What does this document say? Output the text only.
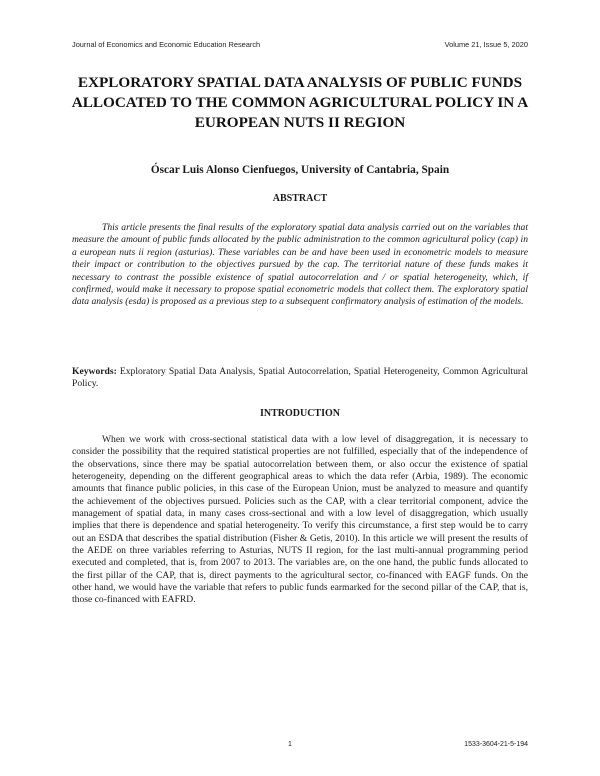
Journal of Economics and Economic Education Research	Volume 21, Issue 5, 2020
EXPLORATORY SPATIAL DATA ANALYSIS OF PUBLIC FUNDS ALLOCATED TO THE COMMON AGRICULTURAL POLICY IN A EUROPEAN NUTS II REGION

Óscar Luis Alonso Cienfuegos, University of Cantabria, Spain

ABSTRACT

This article presents the final results of the exploratory spatial data analysis carried out on the variables that measure the amount of public funds allocated by the public administration to the common agricultural policy (cap) in a european nuts ii region (asturias). These variables can be and have been used in econometric models to measure their impact or contribution to the objectives pursued by the cap. The territorial nature of these funds makes it necessary to contrast the possible existence of spatial autocorrelation and / or spatial heterogeneity, which, if confirmed, would make it necessary to propose spatial econometric models that collect them. The exploratory spatial data analysis (esda) is proposed as a previous step to a subsequent confirmatory analysis of estimation of the models.

Keywords: Exploratory Spatial Data Analysis, Spatial Autocorrelation, Spatial Heterogeneity, Common Agricultural Policy.

INTRODUCTION

When we work with cross-sectional statistical data with a low level of disaggregation, it is necessary to consider the possibility that the required statistical properties are not fulfilled, especially that of the independence of the observations, since there may be spatial autocorrelation between them, or also occur the existence of spatial heterogeneity, depending on the different geographical areas to which the data refer (Arbia, 1989). The economic amounts that finance public policies, in this case of the European Union, must be analyzed to measure and quantify the achievement of the objectives pursued. Policies such as the CAP, with a clear territorial component, advice the management of spatial data, in many cases cross-sectional and with a low level of disaggregation, which usually implies that there is dependence and spatial heterogeneity. To verify this circumstance, a first step would be to carry out an ESDA that describes the spatial distribution (Fisher & Getis, 2010). In this article we will present the results of the AEDE on three variables referring to Asturias, NUTS II region, for the last multi-annual programming period executed and completed, that is, from 2007 to 2013. The variables are, on the one hand, the public funds allocated to the first pillar of the CAP, that is, direct payments to the agricultural sector, co-financed with EAGF funds. On the other hand, we would have the variable that refers to public funds earmarked for the second pillar of the CAP, that is, those co-financed with EAFRD.

1	1533-3604-21-5-194
